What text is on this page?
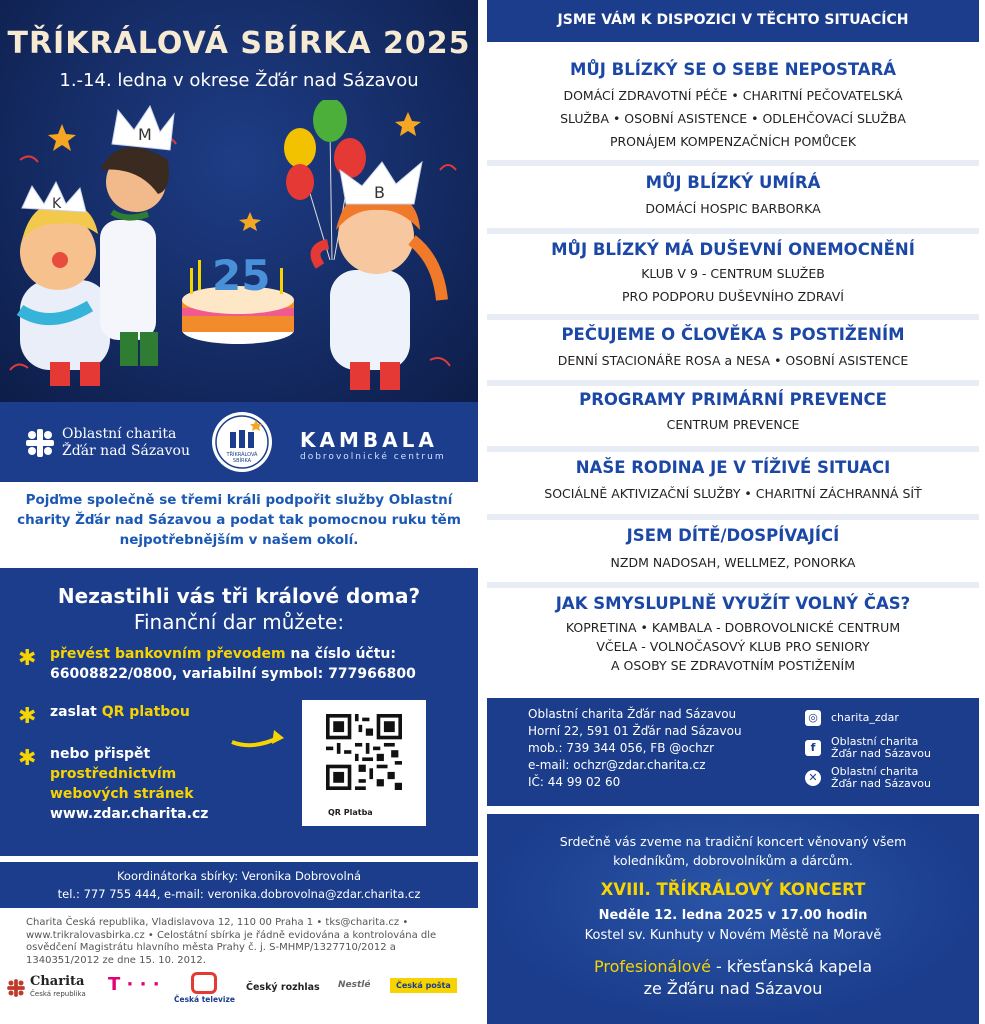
TŘÍKRÁLOVÁ SBÍRKA 2025
1.-14. ledna v okrese Žďár nad Sázavou
K
M
25
B
Oblastní charita
Žďár nad Sázavou	TŘÍKRÁLOVÁ
SBÍRKA
KAMBALA
dobrovolnické centrum
Pojďme společně se třemi králi podpořit služby Oblastní charity Žďár nad Sázavou a podat tak pomocnou ruku těm nejpotřebnějším v našem okolí.
Nezastihli vás tři králové doma?
Finanční dar můžete:
✱ převést bankovním převodem na číslo účtu:
66008822/0800, variabilní symbol: 777966800
✱ zaslat QR platbou
✱ nebo přispět
prostřednictvím
webových stránek
www.zdar.charita.cz	QR Platba
Koordinátorka sbírky: Veronika Dobrovolná
tel.: 777 755 444, e-mail: veronika.dobrovolna@zdar.charita.cz
Charita Česká republika, Vladislavova 12, 110 00 Praha 1 • tks@charita.cz • www.trikralovasbirka.cz • Celostátní sbírka je řádně evidována a kontrolována dle osvědčení Magistrátu hlavního města Prahy č. j. S-MHMP/1327710/2012 a 1340351/2012 ze dne 15. 10. 2012.
Charita
Česká republika T · · ·
Česká televize
Český rozhlas Nestlé	Česká pošta
JSME VÁM K DISPOZICI V TĚCHTO SITUACÍCH
MŮJ BLÍZKÝ SE O SEBE NEPOSTARÁ
DOMÁCÍ ZDRAVOTNÍ PÉČE • CHARITNÍ PEČOVATELSKÁ
SLUŽBA • OSOBNÍ ASISTENCE • ODLEHČOVACÍ SLUŽBA
PRONÁJEM KOMPENZAČNÍCH POMŮCEK
MŮJ BLÍZKÝ UMÍRÁ
DOMÁCÍ HOSPIC BARBORKA
MŮJ BLÍZKÝ MÁ DUŠEVNÍ ONEMOCNĚNÍ
KLUB V 9 - CENTRUM SLUŽEB
PRO PODPORU DUŠEVNÍHO ZDRAVÍ
PEČUJEME O ČLOVĚKA S POSTIŽENÍM
DENNÍ STACIONÁŘE ROSA a NESA • OSOBNÍ ASISTENCE
PROGRAMY PRIMÁRNÍ PREVENCE
CENTRUM PREVENCE
NAŠE RODINA JE V TÍŽIVÉ SITUACI
SOCIÁLNĚ AKTIVIZAČNÍ SLUŽBY • CHARITNÍ ZÁCHRANNÁ SÍŤ
JSEM DÍTĚ/DOSPÍVAJÍCÍ
NZDM NADOSAH, WELLMEZ, PONORKA
JAK SMYSLUPLNĚ VYUŽÍT VOLNÝ ČAS?
KOPRETINA • KAMBALA - DOBROVOLNICKÉ CENTRUM
VČELA - VOLNOČASOVÝ KLUB PRO SENIORY
A OSOBY SE ZDRAVOTNÍM POSTIŽENÍM
Oblastní charita Žďár nad Sázavou
Horní 22, 591 01 Žďár nad Sázavou
mob.: 739 344 056, FB @ochzr
e-mail: ochzr@zdar.charita.cz
IČ: 44 99 02 60
◎ charita_zdar
f	Oblastní charita
Žďár nad Sázavou
✕	Oblastní charita
Žďár nad Sázavou
Srdečně vás zveme na tradiční koncert věnovaný všem
koledníkům, dobrovolníkům a dárcům.
XVIII. TŘÍKRÁLOVÝ KONCERT
Neděle 12. ledna 2025 v 17.00 hodin
Kostel sv. Kunhuty v Novém Městě na Moravě
Profesionálové - křesťanská kapela
ze Žďáru nad Sázavou
